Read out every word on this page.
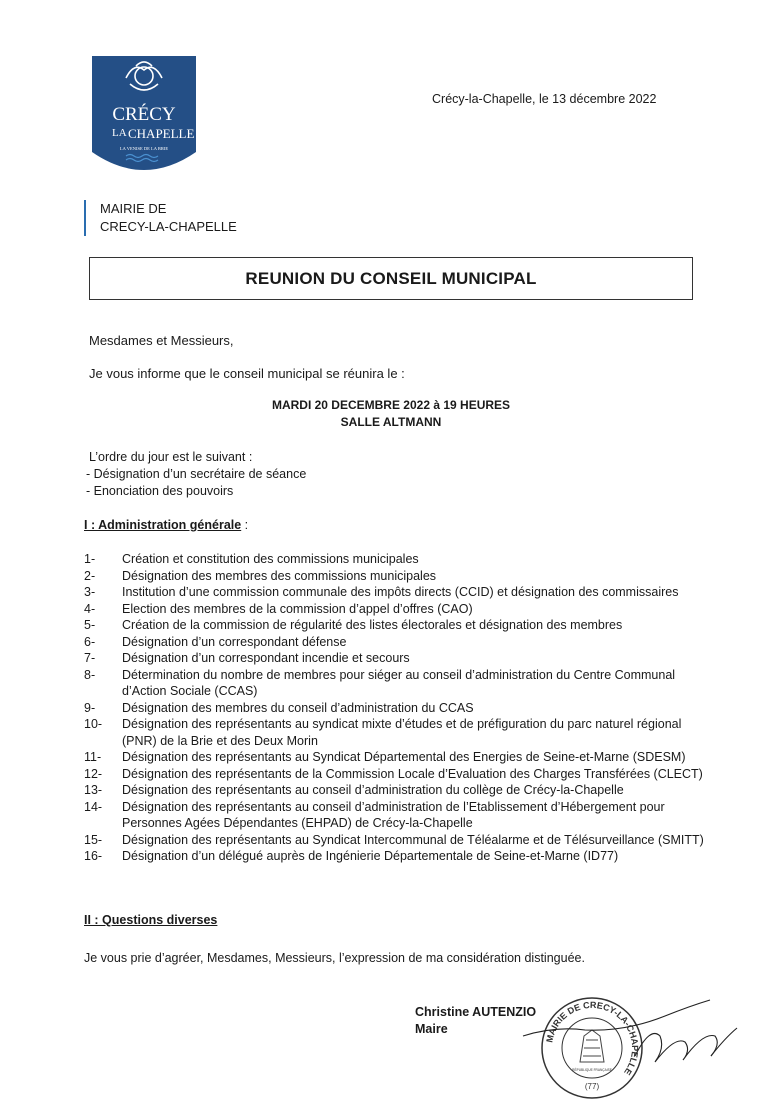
CRÉCY
LA CHAPELLE
LA VENISE DE LA BRIE
Crécy-la-Chapelle, le 13 décembre 2022
MAIRIE DE
CRECY-LA-CHAPELLE
REUNION DU CONSEIL MUNICIPAL
Mesdames et Messieurs,
Je vous informe que le conseil municipal se réunira le :
MARDI 20 DECEMBRE 2022 à 19 HEURES
SALLE ALTMANN
L’ordre du jour est le suivant :
- Désignation d’un secrétaire de séance
- Enonciation des pouvoirs
I : Administration générale :
1-	Création et constitution des commissions municipales
2-	Désignation des membres des commissions municipales
3-	Institution d’une commission communale des impôts directs (CCID) et désignation des commissaires
4-	Election des membres de la commission d’appel d’offres (CAO)
5-	Création de la commission de régularité des listes électorales et désignation des membres
6-	Désignation d’un correspondant défense
7-	Désignation d’un correspondant incendie et secours
8-	Détermination du nombre de membres pour siéger au conseil d’administration du Centre Communal d’Action Sociale (CCAS)
9-	Désignation des membres du conseil d’administration du CCAS
10-	Désignation des représentants au syndicat mixte d’études et de préfiguration du parc naturel régional (PNR) de la Brie et des Deux Morin
11-	Désignation des représentants au Syndicat Départemental des Energies de Seine-et-Marne (SDESM)
12-	Désignation des représentants de la Commission Locale d’Evaluation des Charges Transférées (CLECT)
13-	Désignation des représentants au conseil d’administration du collège de Crécy-la-Chapelle
14-	Désignation des représentants au conseil d’administration de l’Etablissement d’Hébergement pour Personnes Agées Dépendantes (EHPAD) de Crécy-la-Chapelle
15-	Désignation des représentants au Syndicat Intercommunal de Téléalarme et de Télésurveillance (SMITT)
16-	Désignation d’un délégué auprès de Ingénierie Départementale de Seine-et-Marne (ID77)
II : Questions diverses
Je vous prie d’agréer, Mesdames, Messieurs, l’expression de ma considération distinguée.
Christine AUTENZIO
Maire
MAIRIE DE CRECY-LA-CHAPELLE
RÉPUBLIQUE FRANÇAISE
(77)
